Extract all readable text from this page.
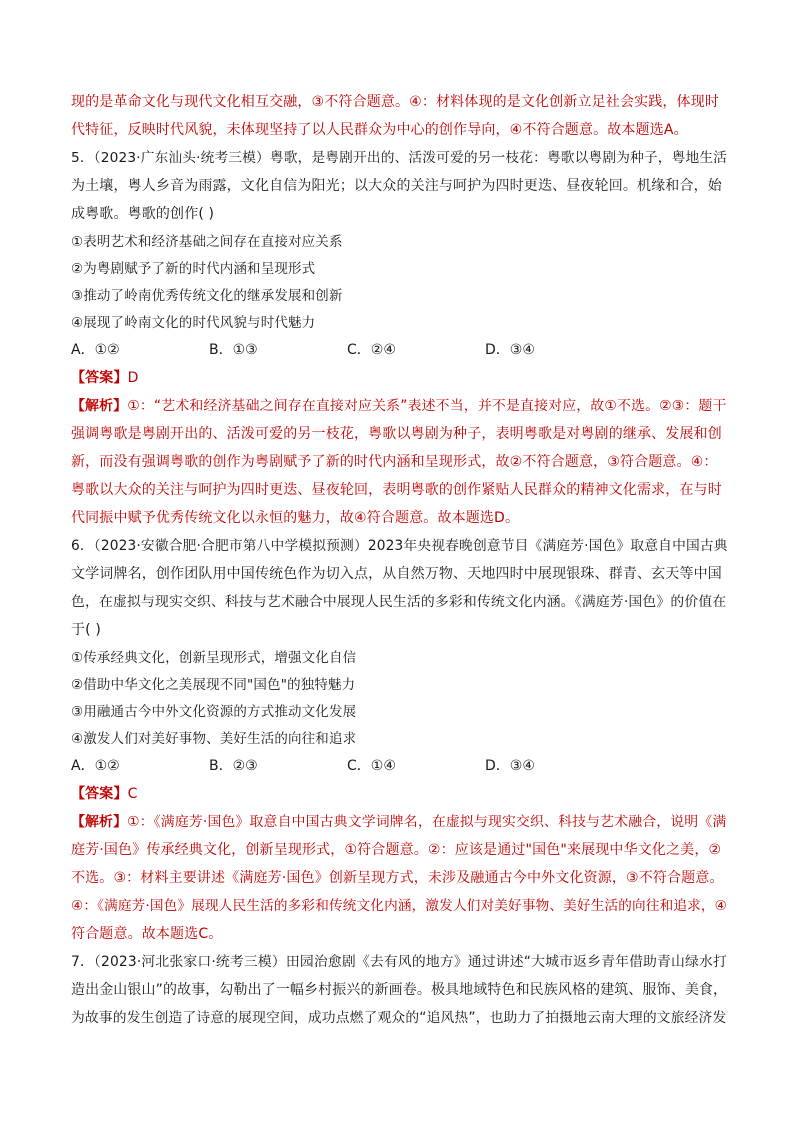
现的是革命文化与现代文化相互交融，③不符合题意。④：材料体现的是文化创新立足社会实践，体现时
代特征，反映时代风貌，未体现坚持了以人民群众为中心的创作导向，④不符合题意。故本题选A。
5．（2023·广东汕头·统考三模）粤歌，是粤剧开出的、活泼可爱的另一枝花：粤歌以粤剧为种子，粤地生活
为土壤，粤人乡音为雨露，文化自信为阳光；以大众的关注与呵护为四时更迭、昼夜轮回。机缘和合，始
成粤歌。粤歌的创作( )
①表明艺术和经济基础之间存在直接对应关系
②为粤剧赋予了新的时代内涵和呈现形式
③推动了岭南优秀传统文化的继承发展和创新
④展现了岭南文化的时代风貌与时代魅力
A．①②	B．①③	C．②④	D．③④
【答案】D
【解析】①：“艺术和经济基础之间存在直接对应关系”表述不当，并不是直接对应，故①不选。②③：题干
强调粤歌是粤剧开出的、活泼可爱的另一枝花，粤歌以粤剧为种子，表明粤歌是对粤剧的继承、发展和创
新，而没有强调粤歌的创作为粤剧赋予了新的时代内涵和呈现形式，故②不符合题意，③符合题意。④：
粤歌以大众的关注与呵护为四时更迭、昼夜轮回，表明粤歌的创作紧贴人民群众的精神文化需求，在与时
代同振中赋予优秀传统文化以永恒的魅力，故④符合题意。故本题选D。
6．（2023·安徽合肥·合肥市第八中学模拟预测）2023年央视春晚创意节目《满庭芳·国色》取意自中国古典
文学词牌名，创作团队用中国传统色作为切入点，从自然万物、天地四时中展现银珠、群青、玄天等中国
色，在虚拟与现实交织、科技与艺术融合中展现人民生活的多彩和传统文化内涵。《满庭芳·国色》的价值在
于( )
①传承经典文化，创新呈现形式，增强文化自信
②借助中华文化之美展现不同"国色"的独特魅力
③用融通古今中外文化资源的方式推动文化发展
④激发人们对美好事物、美好生活的向往和追求
A．①②	B．②③	C．①④	D．③④
【答案】C
【解析】①：《满庭芳·国色》取意自中国古典文学词牌名，在虚拟与现实交织、科技与艺术融合，说明《满
庭芳·国色》传承经典文化，创新呈现形式，①符合题意。②：应该是通过"国色"来展现中华文化之美，②
不选。③：材料主要讲述《满庭芳·国色》创新呈现方式，未涉及融通古今中外文化资源，③不符合题意。
④：《满庭芳·国色》展现人民生活的多彩和传统文化内涵，激发人们对美好事物、美好生活的向往和追求，④
符合题意。故本题选C。
7．（2023·河北张家口·统考三模）田园治愈剧《去有风的地方》通过讲述“大城市返乡青年借助青山绿水打
造出金山银山”的故事，勾勒出了一幅乡村振兴的新画卷。极具地域特色和民族风格的建筑、服饰、美食，
为故事的发生创造了诗意的展现空间，成功点燃了观众的“追风热”，也助力了拍摄地云南大理的文旅经济发
